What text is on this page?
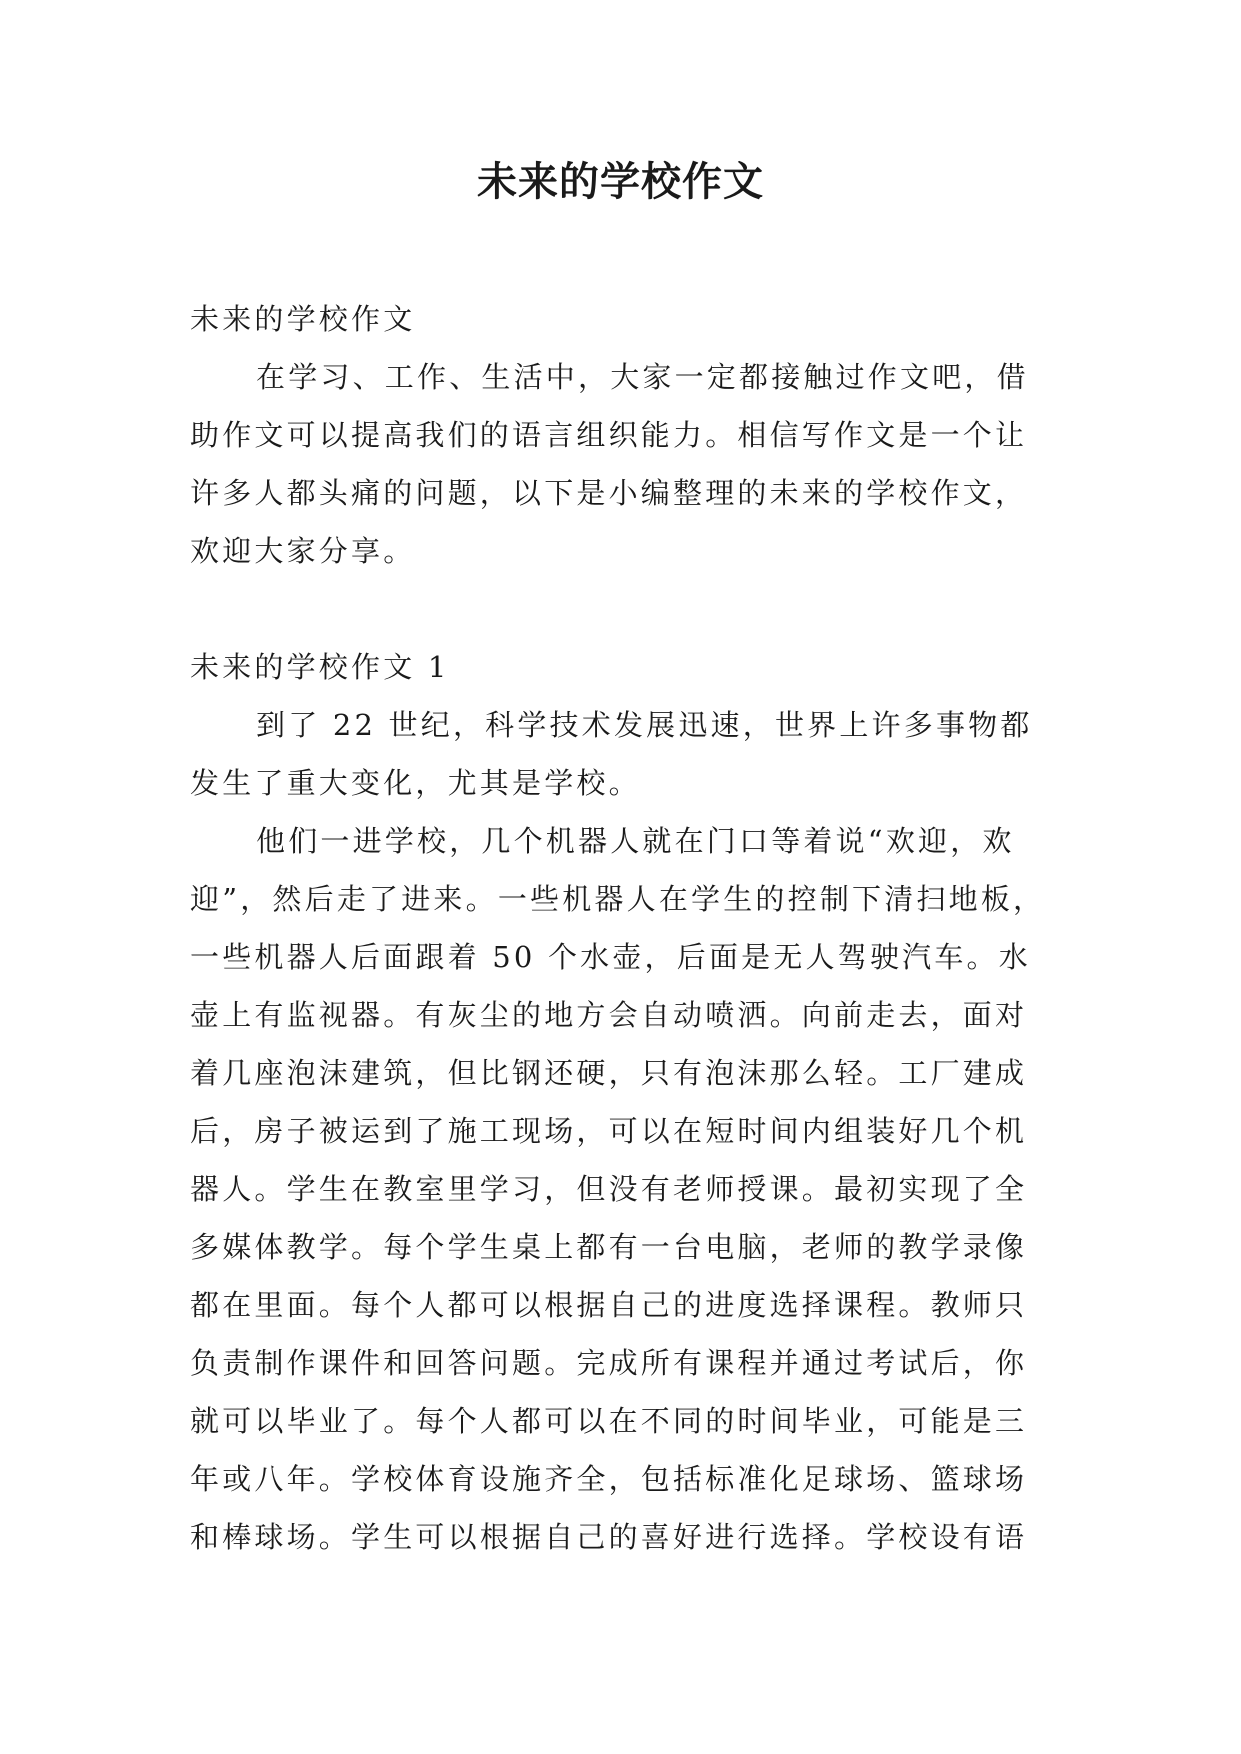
未来的学校作文
未来的学校作文
在学习、工作、生活中，大家一定都接触过作文吧，借
助作文可以提高我们的语言组织能力。相信写作文是一个让
许多人都头痛的问题，以下是小编整理的未来的学校作文，
欢迎大家分享。
未来的学校作文 1
到了 22 世纪，科学技术发展迅速，世界上许多事物都
发生了重大变化，尤其是学校。
他们一进学校，几个机器人就在门口等着说“欢迎，欢
迎”，然后走了进来。一些机器人在学生的控制下清扫地板，
一些机器人后面跟着 50 个水壶，后面是无人驾驶汽车。水
壶上有监视器。有灰尘的地方会自动喷洒。向前走去，面对
着几座泡沫建筑，但比钢还硬，只有泡沫那么轻。工厂建成
后，房子被运到了施工现场，可以在短时间内组装好几个机
器人。学生在教室里学习，但没有老师授课。最初实现了全
多媒体教学。每个学生桌上都有一台电脑，老师的教学录像
都在里面。每个人都可以根据自己的进度选择课程。教师只
负责制作课件和回答问题。完成所有课程并通过考试后，你
就可以毕业了。每个人都可以在不同的时间毕业，可能是三
年或八年。学校体育设施齐全，包括标准化足球场、篮球场
和棒球场。学生可以根据自己的喜好进行选择。学校设有语
